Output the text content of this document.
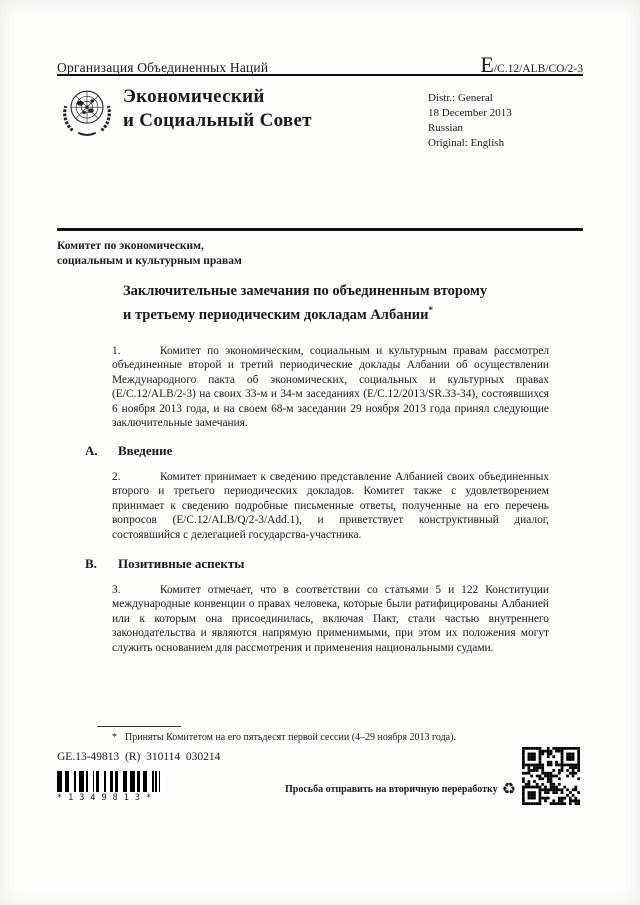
Организация Объединенных Наций	E/C.12/ALB/CO/2-3
Экономический
и Социальный Совет
Distr.: General
18 December 2013
Russian
Original: English
Комитет по экономическим,
социальным и культурным правам
Заключительные замечания по объединенным второму и третьему периодическим докладам Албании*
1.	Комитет по экономическим, социальным и культурным правам рассмотрел объединенные второй и третий периодические доклады Албании об осуществлении Международного пакта об экономических, социальных и культурных правах (E/C.12/ALB/2-3) на своих 33-м и 34-м заседаниях (E/C.12/2013/SR.33-34), состоявшихся 6 ноября 2013 года, и на своем 68-м заседании 29 ноября 2013 года принял следующие заключительные замечания.
A. Введение
2.	Комитет принимает к сведению представление Албанией своих объединенных второго и третьего периодических докладов. Комитет также с удовлетворением принимает к сведению подробные письменные ответы, полученные на его перечень вопросов (E/C.12/ALB/Q/2-3/Add.1), и приветствует конструктивный диалог, состоявшийся с делегацией государства-участника.
B. Позитивные аспекты
3.	Комитет отмечает, что в соответствии со статьями 5 и 122 Конституции международные конвенции о правах человека, которые были ратифицированы Албанией или к которым она присоединилась, включая Пакт, стали частью внутреннего законодательства и являются напрямую применимыми, при этом их положения могут служить основанием для рассмотрения и применения национальными судами.
* Приняты Комитетом на его пятьдесят первой сессии (4–29 ноября 2013 года).
GE.13-49813  (R)  310114  030214
*1349813*
Просьба отправить на вторичную переработку ♻
